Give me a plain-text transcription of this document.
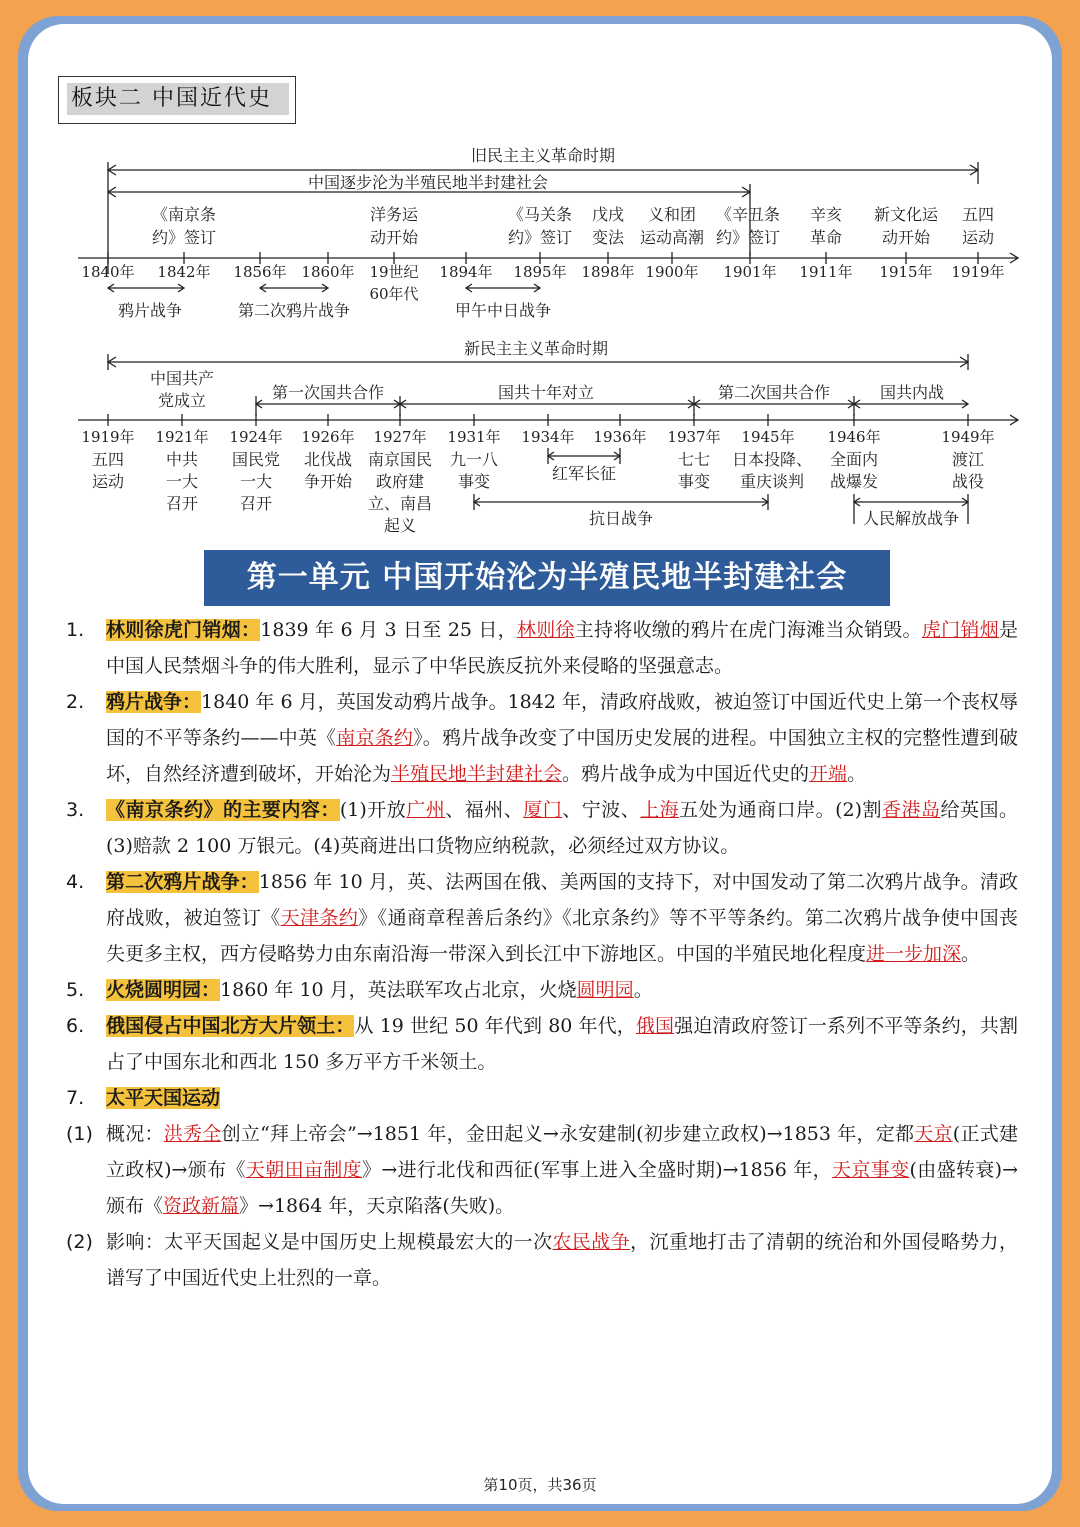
板块二 中国近代史
旧民主主义革命时期
中国逐步沦为半殖民地半封建社会
《南京条
约》签订
洋务运
动开始
《马关条
约》签订
戊戌
变法
义和团
运动高潮
《辛丑条
约》签订
辛亥
革命
新文化运
动开始
五四
运动
1840年 1842年 1856年 1860年 19世纪
60年代
1894年 1895年 1898年 1900年 1901年 1911年 1915年 1919年
鸦片战争	第二次鸦片战争	甲午中日战争
新民主主义革命时期
中国共产
党成立	第一次国共合作	国共十年对立	第二次国共合作	国共内战
1919年 1921年 1924年 1926年 1927年 1931年 1934年 1936年 1937年 1945年 1946年	1949年
五四
运动
中共
一大
召开
国民党
一大
召开
北伐战
争开始
南京国民
政府建
立、南昌
起义
九一八
事变
七七
事变
日本投降、
重庆谈判
全面内
战爆发
渡江
战役
红军长征
抗日战争	人民解放战争
第一单元 中国开始沦为半殖民地半封建社会
1. 林则徐虎门销烟：1839 年 6 月 3 日至 25 日，林则徐主持将收缴的鸦片在虎门海滩当众销毁。虎门销烟是中国人民禁烟斗争的伟大胜利，显示了中华民族反抗外来侵略的坚强意志。
2. 鸦片战争：1840 年 6 月，英国发动鸦片战争。1842 年，清政府战败，被迫签订中国近代史上第一个丧权辱国的不平等条约——中英《南京条约》。鸦片战争改变了中国历史发展的进程。中国独立主权的完整性遭到破坏，自然经济遭到破坏，开始沦为半殖民地半封建社会。鸦片战争成为中国近代史的开端。
3. 《南京条约》的主要内容：(1)开放广州、福州、厦门、宁波、上海五处为通商口岸。(2)割香港岛给英国。(3)赔款 2 100 万银元。(4)英商进出口货物应纳税款，必须经过双方协议。
4. 第二次鸦片战争：1856 年 10 月，英、法两国在俄、美两国的支持下，对中国发动了第二次鸦片战争。清政府战败，被迫签订《天津条约》《通商章程善后条约》《北京条约》等不平等条约。第二次鸦片战争使中国丧失更多主权，西方侵略势力由东南沿海一带深入到长江中下游地区。中国的半殖民地化程度进一步加深。
5. 火烧圆明园：1860 年 10 月，英法联军攻占北京，火烧圆明园。
6. 俄国侵占中国北方大片领土：从 19 世纪 50 年代到 80 年代，俄国强迫清政府签订一系列不平等条约，共割占了中国东北和西北 150 多万平方千米领土。
7. 太平天国运动
(1) 概况：洪秀全创立“拜上帝会”→1851 年，金田起义→永安建制(初步建立政权)→1853 年，定都天京(正式建立政权)→颁布《天朝田亩制度》→进行北伐和西征(军事上进入全盛时期)→1856 年，天京事变(由盛转衰)→颁布《资政新篇》→1864 年，天京陷落(失败)。
(2) 影响：太平天国起义是中国历史上规模最宏大的一次农民战争，沉重地打击了清朝的统治和外国侵略势力，谱写了中国近代史上壮烈的一章。
第10页，共36页
